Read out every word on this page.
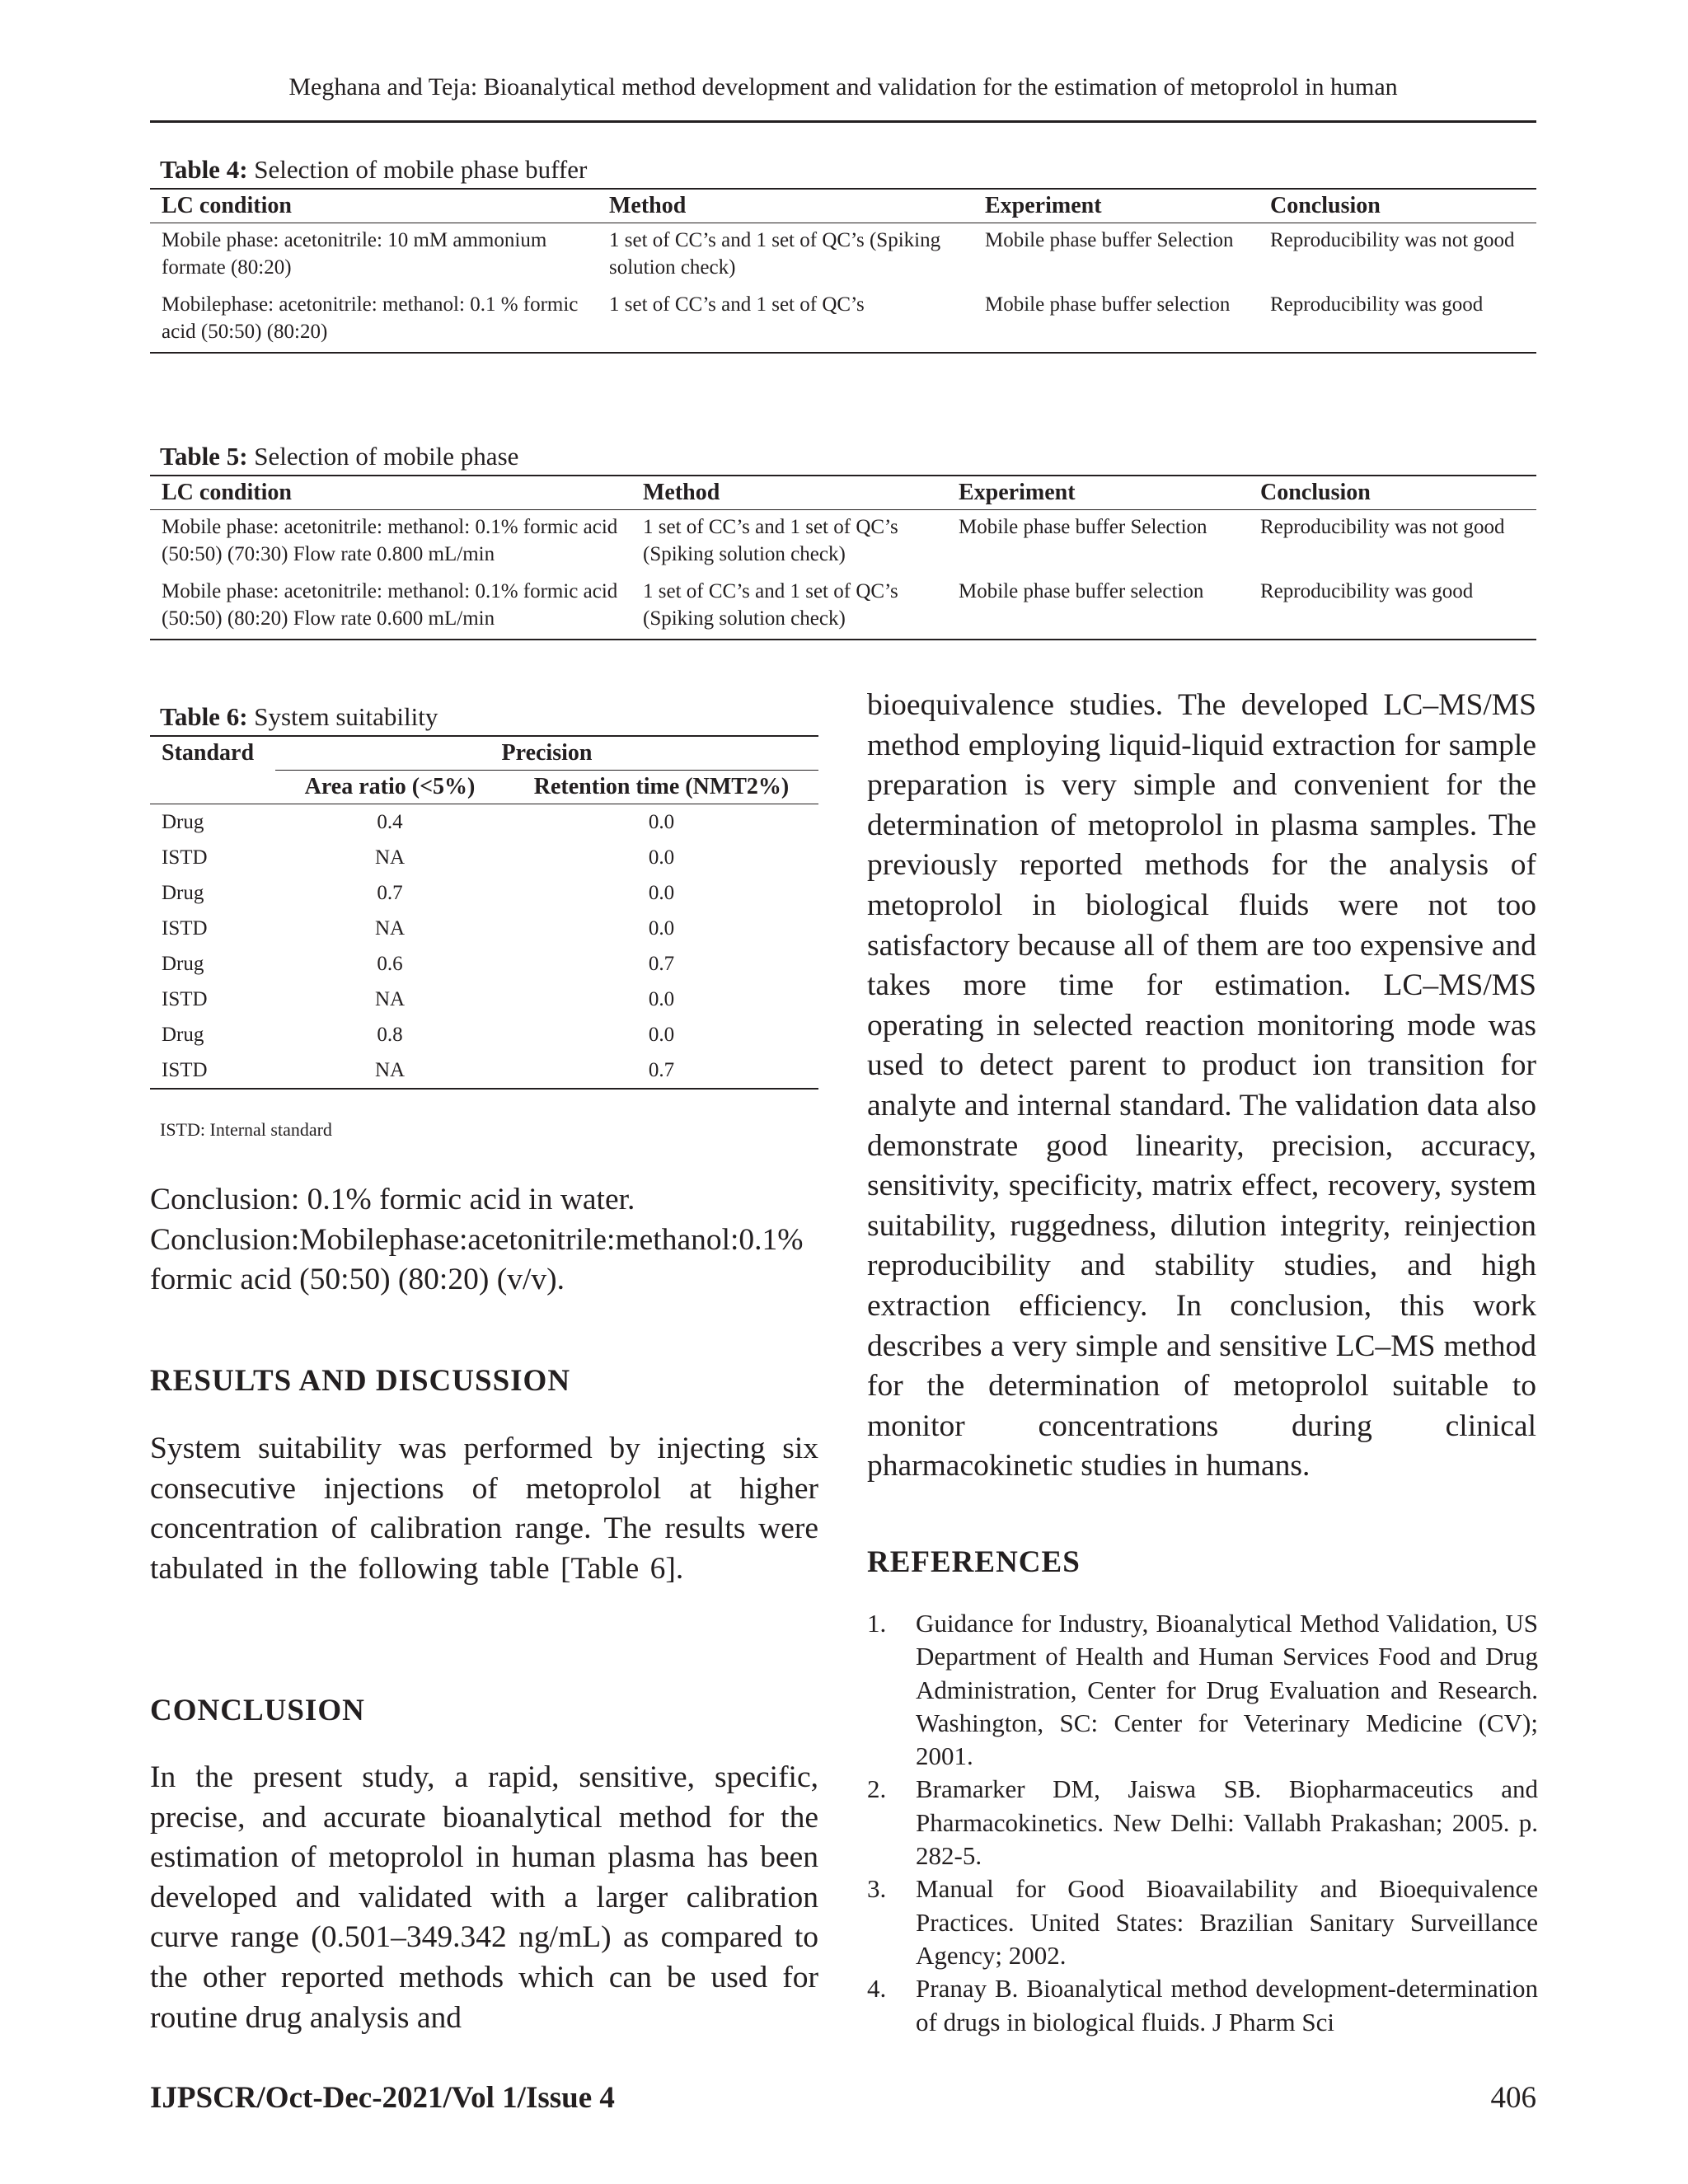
Meghana and Teja: Bioanalytical method development and validation for the estimation of metoprolol in human
Table 4: Selection of mobile phase buffer
LC condition	Method	Experiment	Conclusion
Mobile phase: acetonitrile: 10 mM ammonium formate (80:20)	1 set of CC’s and 1 set of QC’s (Spiking solution check)	Mobile phase buffer Selection	Reproducibility was not good
Mobilephase: acetonitrile: methanol: 0.1 % formic acid (50:50) (80:20)	1 set of CC’s and 1 set of QC’s	Mobile phase buffer selection	Reproducibility was good
Table 5: Selection of mobile phase
LC condition	Method	Experiment	Conclusion
Mobile phase: acetonitrile: methanol: 0.1% formic acid (50:50) (70:30) Flow rate 0.800 mL/min	1 set of CC’s and 1 set of QC’s (Spiking solution check)	Mobile phase buffer Selection	Reproducibility was not good
Mobile phase: acetonitrile: methanol: 0.1% formic acid (50:50) (80:20) Flow rate 0.600 mL/min	1 set of CC’s and 1 set of QC’s (Spiking solution check)	Mobile phase buffer selection	Reproducibility was good
Table 6: System suitability
Standard	Precision	
	Area ratio (<5%)	Retention time (NMT2%)
Drug	0.4	0.0
ISTD	NA	0.0
Drug	0.7	0.0
ISTD	NA	0.0
Drug	0.6	0.7
ISTD	NA	0.0
Drug	0.8	0.0
ISTD	NA	0.7
ISTD: Internal standard
Conclusion: 0.1% formic acid in water.
Conclusion:Mobilephase:acetonitrile:methanol:0.1%
formic acid (50:50) (80:20) (v/v).
RESULTS AND DISCUSSION
System suitability was performed by injecting six consecutive injections of metoprolol at higher concentration of calibration range. The results were tabulated in the following table [Table 6].
CONCLUSION
In the present study, a rapid, sensitive, specific, precise, and accurate bioanalytical method for the estimation of metoprolol in human plasma has been developed and validated with a larger calibration curve range (0.501–349.342 ng/mL) as compared to the other reported methods which can be used for routine drug analysis and
bioequivalence studies. The developed LC–MS/MS method employing liquid-liquid extraction for sample preparation is very simple and convenient for the determination of metoprolol in plasma samples. The previously reported methods for the analysis of metoprolol in biological fluids were not too satisfactory because all of them are too expensive and takes more time for estimation. LC–MS/MS operating in selected reaction monitoring mode was used to detect parent to product ion transition for analyte and internal standard. The validation data also demonstrate good linearity, precision, accuracy, sensitivity, specificity, matrix effect, recovery, system suitability, ruggedness, dilution integrity, reinjection reproducibility and stability studies, and high extraction efficiency. In conclusion, this work describes a very simple and sensitive LC–MS method for the determination of metoprolol suitable to monitor concentrations during clinical pharmacokinetic studies in humans.
REFERENCES
1.	Guidance for Industry, Bioanalytical Method Validation, US Department of Health and Human Services Food and Drug Administration, Center for Drug Evaluation and Research. Washington, SC: Center for Veterinary Medicine (CV); 2001.
2.	Bramarker DM, Jaiswa SB. Biopharmaceutics and Pharmacokinetics. New Delhi: Vallabh Prakashan; 2005. p. 282-5.
3.	Manual for Good Bioavailability and Bioequivalence Practices. United States: Brazilian Sanitary Surveillance Agency; 2002.
4.	Pranay B. Bioanalytical method development-determination of drugs in biological fluids. J Pharm Sci
IJPSCR/Oct-Dec-2021/Vol 1/Issue 4	406
